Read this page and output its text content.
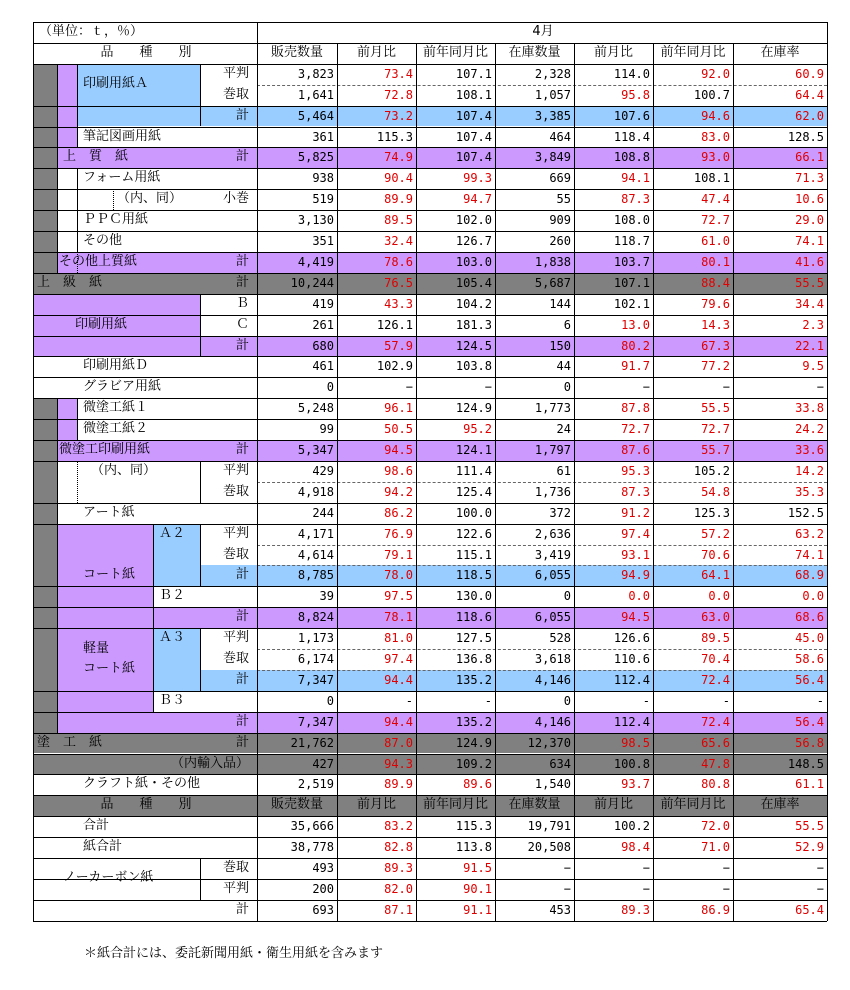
（単位：ｔ，％）	4月
品　　種　　別	販売数量	前月比	前年同月比	在庫数量	前月比	前年同月比	在庫率
品　　種　　別	販売数量	前月比	前年同月比	在庫数量	前月比	前年同月比	在庫率
印刷用紙Ａ
平判	3,823	73.4	107.1	2,328	114.0	92.0	60.9
巻取	1,641	72.8	108.1	1,057	95.8	100.7	64.4
計	5,464	73.2	107.4	3,385	107.6	94.6	62.0
筆記図画用紙	361	115.3	107.4	464	118.4	83.0	128.5
上　質　紙	計	5,825	74.9	107.4	3,849	108.8	93.0	66.1
フォーム用紙	938	90.4	99.3	669	94.1	108.1	71.3
（内、同）	小巻	519	89.9	94.7	55	87.3	47.4	10.6
ＰＰＣ用紙	3,130	89.5	102.0	909	108.0	72.7	29.0
その他	351	32.4	126.7	260	118.7	61.0	74.1
その他上質紙	計	4,419	78.6	103.0	1,838	103.7	80.1	41.6
上　級　紙	計	10,244	76.5	105.4	5,687	107.1	88.4	55.5
印刷用紙
Ｂ	419	43.3	104.2	144	102.1	79.6	34.4
Ｃ	261	126.1	181.3	6	13.0	14.3	2.3
計	680	57.9	124.5	150	80.2	67.3	22.1
印刷用紙Ｄ	461	102.9	103.8	44	91.7	77.2	9.5
グラビア用紙	0	−	−	0	−	−	−
微塗工紙１	5,248	96.1	124.9	1,773	87.8	55.5	33.8
微塗工紙２	99	50.5	95.2	24	72.7	72.7	24.2
微塗工印刷用紙	計	5,347	94.5	124.1	1,797	87.6	55.7	33.6
（内、同）	平判	429	98.6	111.4	61	95.3	105.2	14.2
巻取	4,918	94.2	125.4	1,736	87.3	54.8	35.3
アート紙	244	86.2	100.0	372	91.2	125.3	152.5
コート紙
Ａ２	平判	4,171	76.9	122.6	2,636	97.4	57.2	63.2
巻取	4,614	79.1	115.1	3,419	93.1	70.6	74.1
計	8,785	78.0	118.5	6,055	94.9	64.1	68.9
Ｂ２	39	97.5	130.0	0	0.0	0.0	0.0
計	8,824	78.1	118.6	6,055	94.5	63.0	68.6
軽量
コート紙
Ａ３	平判	1,173	81.0	127.5	528	126.6	89.5	45.0
巻取	6,174	97.4	136.8	3,618	110.6	70.4	58.6
計	7,347	94.4	135.2	4,146	112.4	72.4	56.4
Ｂ３	0	-	-	0	-	-	-
計	7,347	94.4	135.2	4,146	112.4	72.4	56.4
塗　工　紙	計	21,762	87.0	124.9	12,370	98.5	65.6	56.8
（内輸入品）	427	94.3	109.2	634	100.8	47.8	148.5
クラフト紙・その他	2,519	89.9	89.6	1,540	93.7	80.8	61.1
合計	35,666	83.2	115.3	19,791	100.2	72.0	55.5
紙合計	38,778	82.8	113.8	20,508	98.4	71.0	52.9
ノーカーボン紙
巻取	493	89.3	91.5	−	−	−	−
平判	200	82.0	90.1	−	−	−	−
計	693	87.1	91.1	453	89.3	86.9	65.4
＊紙合計には、委託新聞用紙・衛生用紙を含みます
